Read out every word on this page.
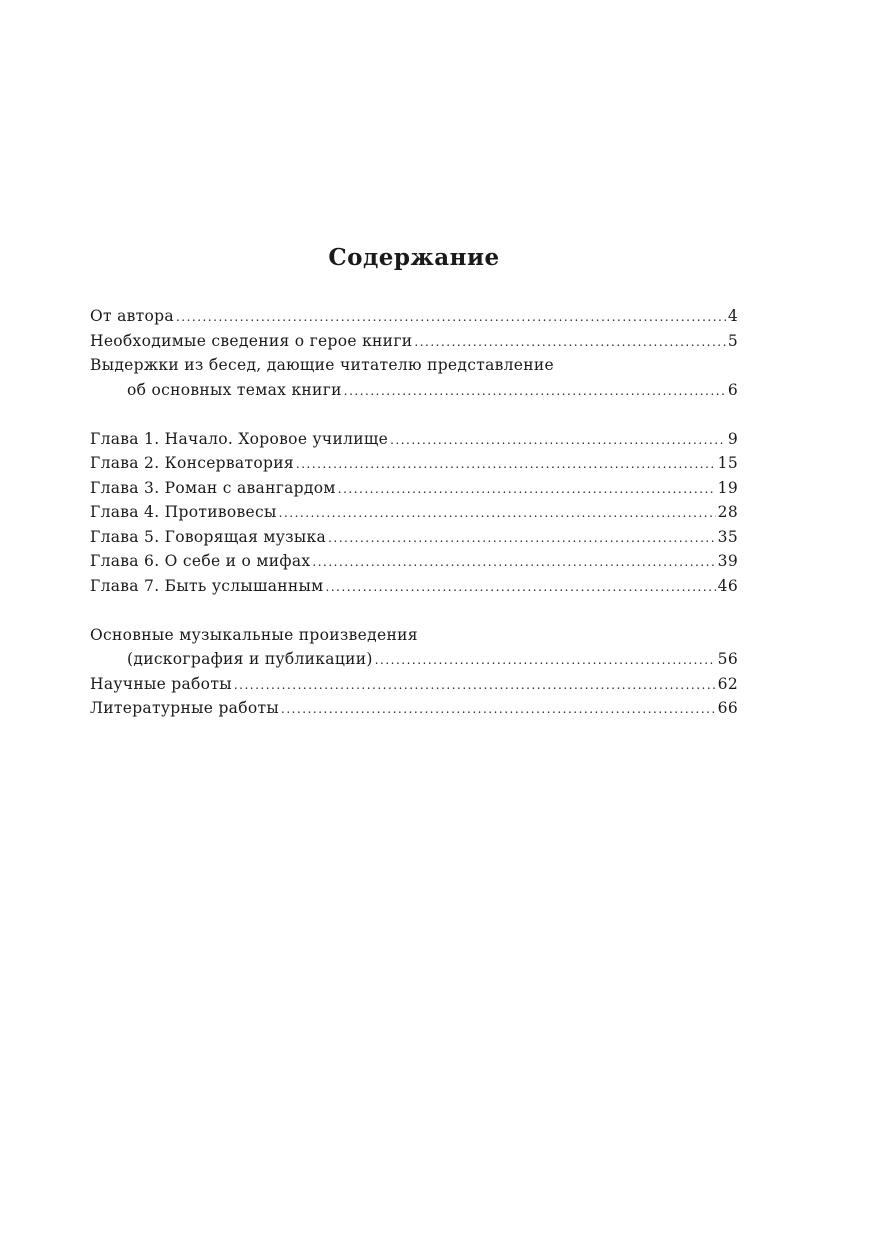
Содержание
От автора .....	4
Необходимые сведения о герое книги .....	5
Выдержки из бесед, дающие читателю представление
об основных темах книги .....	6
Глава 1. Начало. Хоровое училище .....	9
Глава 2. Консерватория .....	15
Глава 3. Роман с авангардом .....	19
Глава 4. Противовесы .....	28
Глава 5. Говорящая музыка .....	35
Глава 6. О себе и о мифах .....	39
Глава 7. Быть услышанным .....	46
Основные музыкальные произведения
(дискография и публикации) .....	56
Научные работы .....	62
Литературные работы .....	66
